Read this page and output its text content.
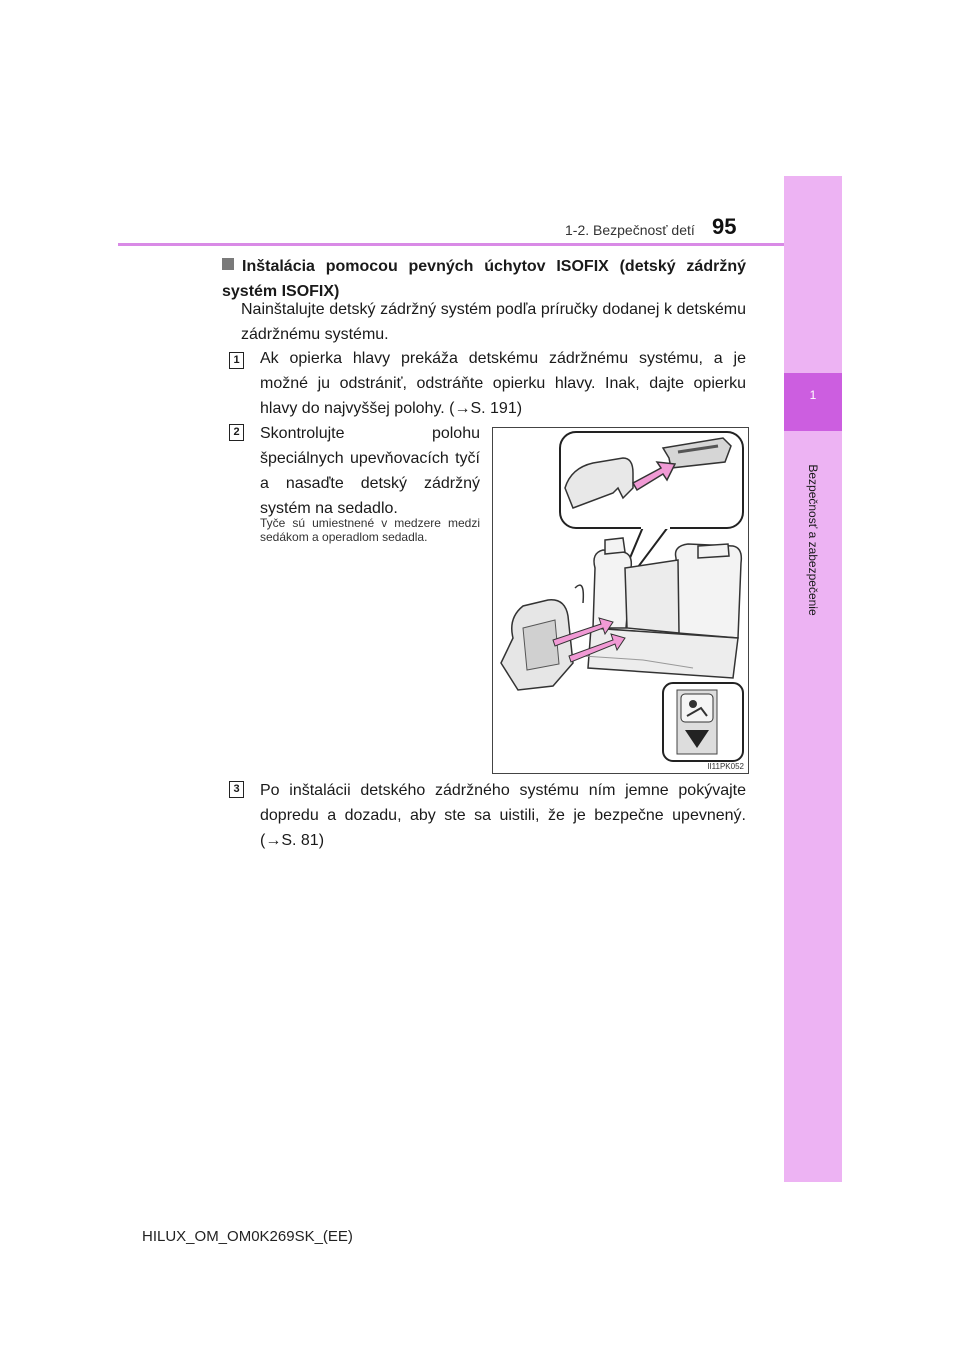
1
Bezpečnosť a zabezpečenie
1-2. Bezpečnosť detí 95
Inštalácia pomocou pevných úchytov ISOFIX (detský zádržný systém ISOFIX)
Nainštalujte detský zádržný systém podľa príručky dodanej k detskému zádržnému systému.
1 Ak opierka hlavy prekáža detskému zádržnému systému, a je možné ju odstrániť, odstráňte opierku hlavy. Inak, dajte opierku hlavy do najvyššej polohy. (→S. 191)
2 Skontrolujte polohu špeciálnych upevňovacích tyčí a nasaďte detský zádržný systém na sedadlo.
Tyče sú umiestnené v medzere medzi sedákom a operadlom sedadla.
II11PK052
3 Po inštalácii detského zádržného systému ním jemne pokývajte dopredu a dozadu, aby ste sa uistili, že je bezpečne upevnený. (→S. 81)
HILUX_OM_OM0K269SK_(EE)
